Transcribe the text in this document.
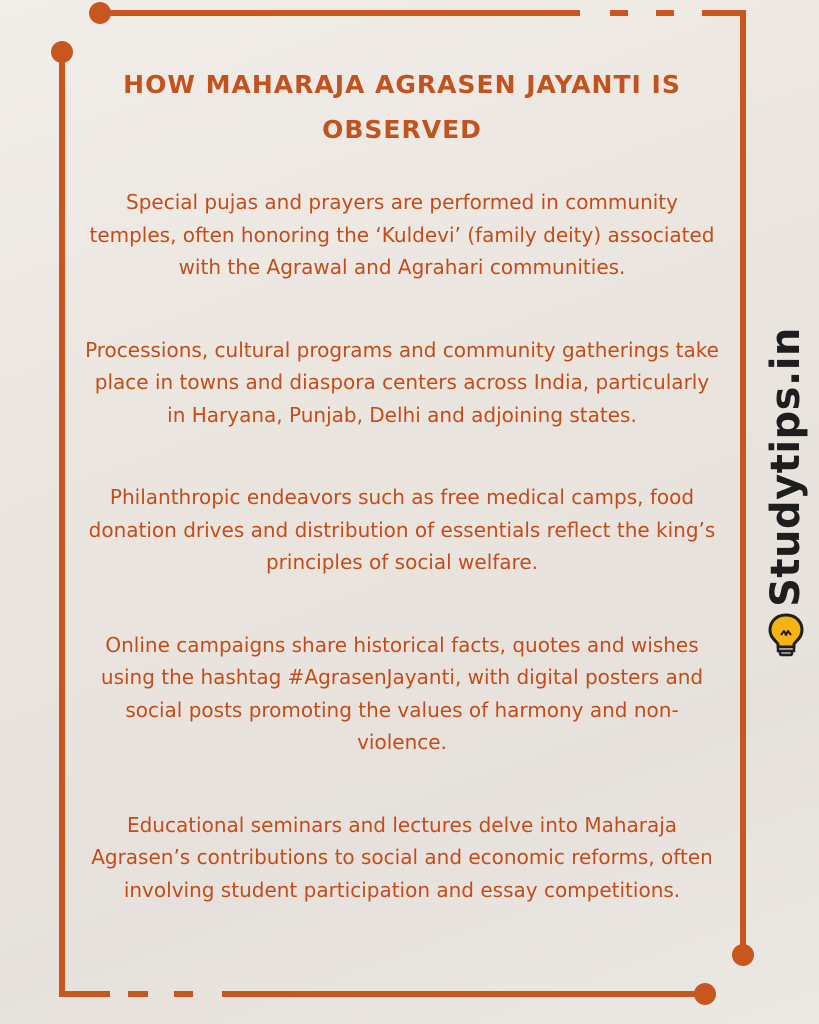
HOW MAHARAJA AGRASEN JAYANTI IS OBSERVED

Special pujas and prayers are performed in community temples, often honoring the ‘Kuldevi’ (family deity) associated with the Agrawal and Agrahari communities.

Processions, cultural programs and community gatherings take place in towns and diaspora centers across India, particularly in Haryana, Punjab, Delhi and adjoining states.

Philanthropic endeavors such as free medical camps, food donation drives and distribution of essentials reflect the king’s principles of social welfare.

Online campaigns share historical facts, quotes and wishes using the hashtag #AgrasenJayanti, with digital posters and social posts promoting the values of harmony and non-violence.

Educational seminars and lectures delve into Maharaja Agrasen’s contributions to social and economic reforms, often involving student participation and essay competitions.

Studytips.in
